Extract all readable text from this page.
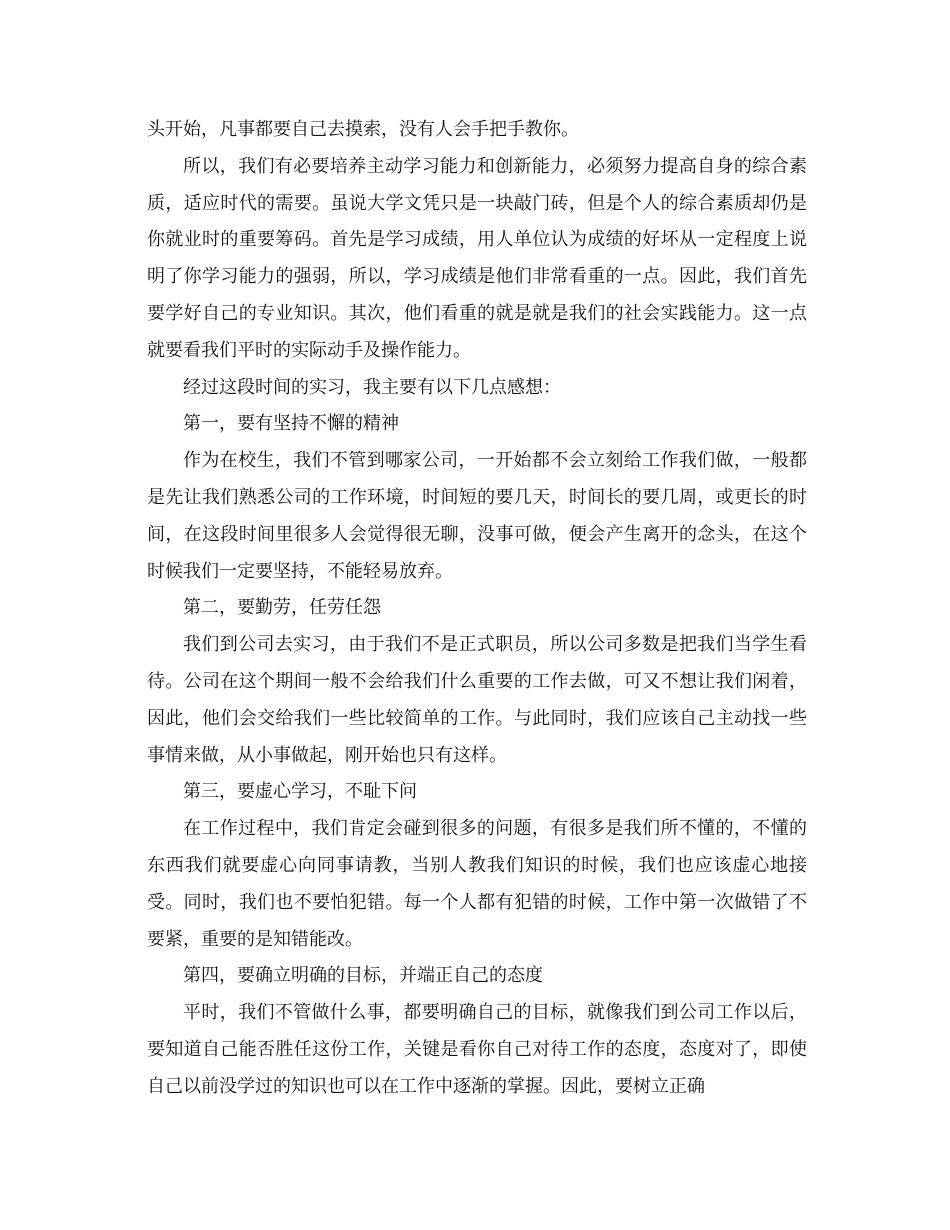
头开始，凡事都要自己去摸索，没有人会手把手教你。

所以，我们有必要培养主动学习能力和创新能力，必须努力提高自身的综合素质，适应时代的需要。虽说大学文凭只是一块敲门砖，但是个人的综合素质却仍是你就业时的重要筹码。首先是学习成绩，用人单位认为成绩的好坏从一定程度上说明了你学习能力的强弱，所以，学习成绩是他们非常看重的一点。因此，我们首先要学好自己的专业知识。其次，他们看重的就是就是我们的社会实践能力。这一点就要看我们平时的实际动手及操作能力。

经过这段时间的实习，我主要有以下几点感想：

第一，要有坚持不懈的精神

作为在校生，我们不管到哪家公司，一开始都不会立刻给工作我们做，一般都是先让我们熟悉公司的工作环境，时间短的要几天，时间长的要几周，或更长的时间，在这段时间里很多人会觉得很无聊，没事可做，便会产生离开的念头，在这个时候我们一定要坚持，不能轻易放弃。

第二，要勤劳，任劳任怨

我们到公司去实习，由于我们不是正式职员，所以公司多数是把我们当学生看待。公司在这个期间一般不会给我们什么重要的工作去做，可又不想让我们闲着，因此，他们会交给我们一些比较简单的工作。与此同时，我们应该自己主动找一些事情来做，从小事做起，刚开始也只有这样。

第三，要虚心学习，不耻下问

在工作过程中，我们肯定会碰到很多的问题，有很多是我们所不懂的，不懂的东西我们就要虚心向同事请教，当别人教我们知识的时候，我们也应该虚心地接受。同时，我们也不要怕犯错。每一个人都有犯错的时候，工作中第一次做错了不要紧，重要的是知错能改。

第四，要确立明确的目标，并端正自己的态度

平时，我们不管做什么事，都要明确自己的目标，就像我们到公司工作以后，要知道自己能否胜任这份工作，关键是看你自己对待工作的态度，态度对了，即使自己以前没学过的知识也可以在工作中逐渐的掌握。因此，要树立正确
